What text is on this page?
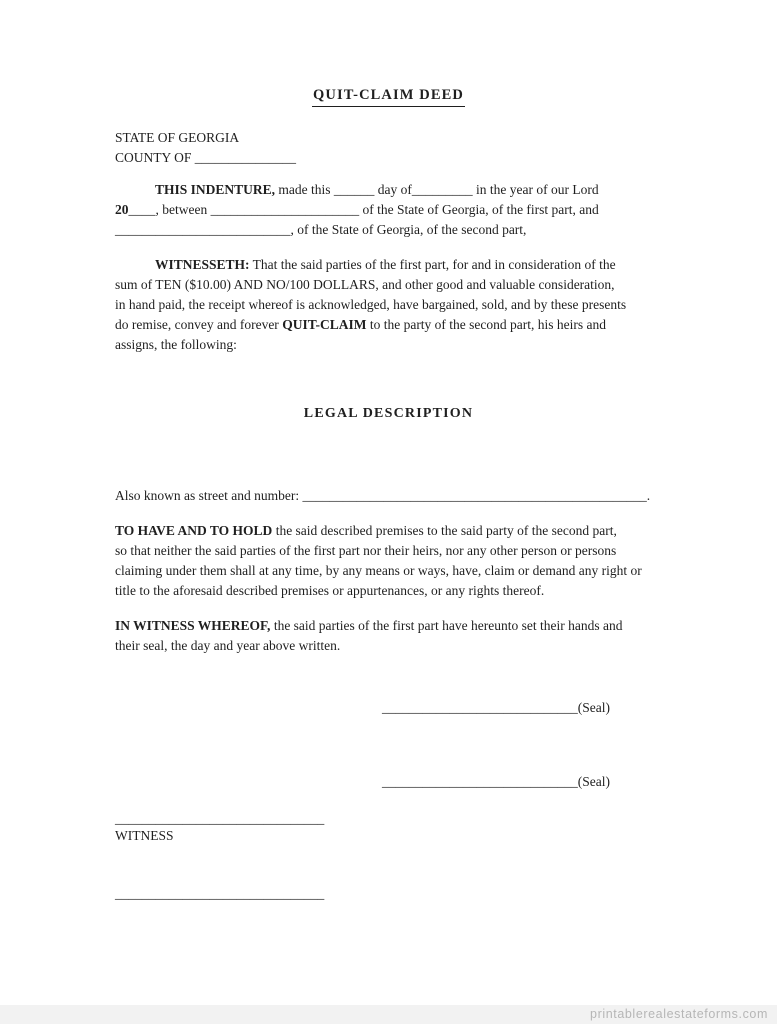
QUIT-CLAIM DEED
STATE OF GEORGIA
COUNTY OF _______________
THIS INDENTURE, made this ______ day of_________ in the year of our Lord
20____, between ______________________ of the State of Georgia, of the first part, and
__________________________, of the State of Georgia, of the second part,
WITNESSETH: That the said parties of the first part, for and in consideration of the
sum of TEN ($10.00) AND NO/100 DOLLARS, and other good and valuable consideration,
in hand paid, the receipt whereof is acknowledged, have bargained, sold, and by these presents
do remise, convey and forever QUIT-CLAIM to the party of the second part, his heirs and
assigns, the following:
LEGAL DESCRIPTION
Also known as street and number: ___________________________________________________.
TO HAVE AND TO HOLD the said described premises to the said party of the second part,
so that neither the said parties of the first part nor their heirs, nor any other person or persons
claiming under them shall at any time, by any means or ways, have, claim or demand any right or
title to the aforesaid described premises or appurtenances, or any rights thereof.
IN WITNESS WHEREOF, the said parties of the first part have hereunto set their hands and
their seal, the day and year above written.
_____________________________(Seal)
_____________________________(Seal)
_______________________________
WITNESS
_______________________________
printablerealestateforms.com
